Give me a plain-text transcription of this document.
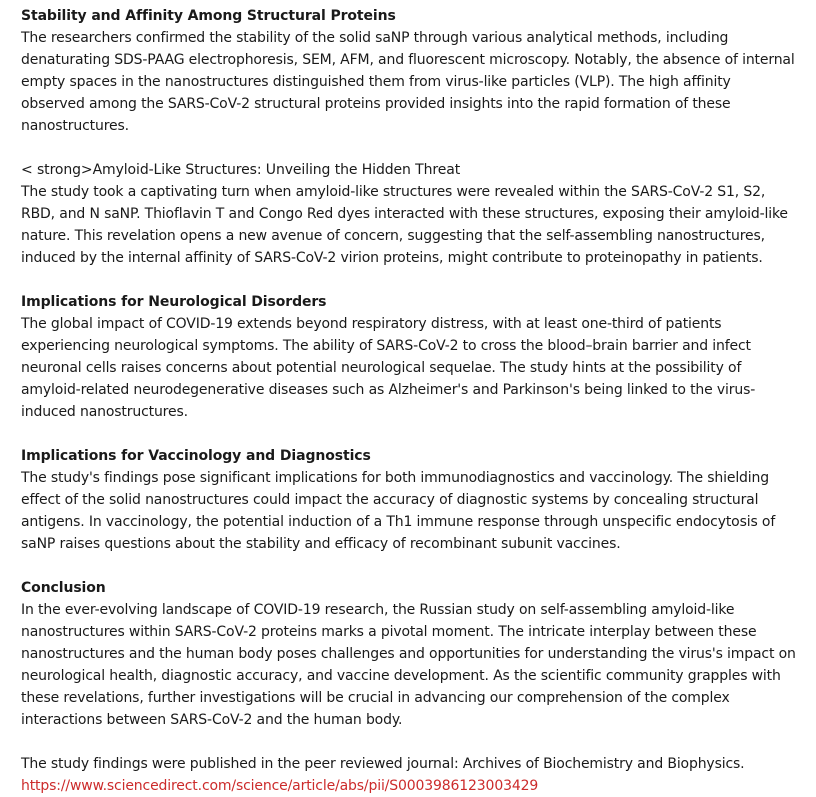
Stability and Affinity Among Structural Proteins

The researchers confirmed the stability of the solid saNP through various analytical methods, including denaturating SDS-PAAG electrophoresis, SEM, AFM, and fluorescent microscopy. Notably, the absence of internal empty spaces in the nanostructures distinguished them from virus-like particles (VLP). The high affinity observed among the SARS-CoV-2 structural proteins provided insights into the rapid formation of these nanostructures.

< strong>Amyloid-Like Structures: Unveiling the Hidden Threat

The study took a captivating turn when amyloid-like structures were revealed within the SARS-CoV-2 S1, S2, RBD, and N saNP. Thioflavin T and Congo Red dyes interacted with these structures, exposing their amyloid-like nature. This revelation opens a new avenue of concern, suggesting that the self-assembling nanostructures, induced by the internal affinity of SARS-CoV-2 virion proteins, might contribute to proteinopathy in patients.

Implications for Neurological Disorders

The global impact of COVID-19 extends beyond respiratory distress, with at least one-third of patients experiencing neurological symptoms. The ability of SARS-CoV-2 to cross the blood–brain barrier and infect neuronal cells raises concerns about potential neurological sequelae. The study hints at the possibility of amyloid-related neurodegenerative diseases such as Alzheimer's and Parkinson's being linked to the virus-induced nanostructures.

Implications for Vaccinology and Diagnostics

The study's findings pose significant implications for both immunodiagnostics and vaccinology. The shielding effect of the solid nanostructures could impact the accuracy of diagnostic systems by concealing structural antigens. In vaccinology, the potential induction of a Th1 immune response through unspecific endocytosis of saNP raises questions about the stability and efficacy of recombinant subunit vaccines.

Conclusion

In the ever-evolving landscape of COVID-19 research, the Russian study on self-assembling amyloid-like nanostructures within SARS-CoV-2 proteins marks a pivotal moment. The intricate interplay between these nanostructures and the human body poses challenges and opportunities for understanding the virus's impact on neurological health, diagnostic accuracy, and vaccine development. As the scientific community grapples with these revelations, further investigations will be crucial in advancing our comprehension of the complex interactions between SARS-CoV-2 and the human body.

The study findings were published in the peer reviewed journal: Archives of Biochemistry and Biophysics.
https://www.sciencedirect.com/science/article/abs/pii/S0003986123003429
